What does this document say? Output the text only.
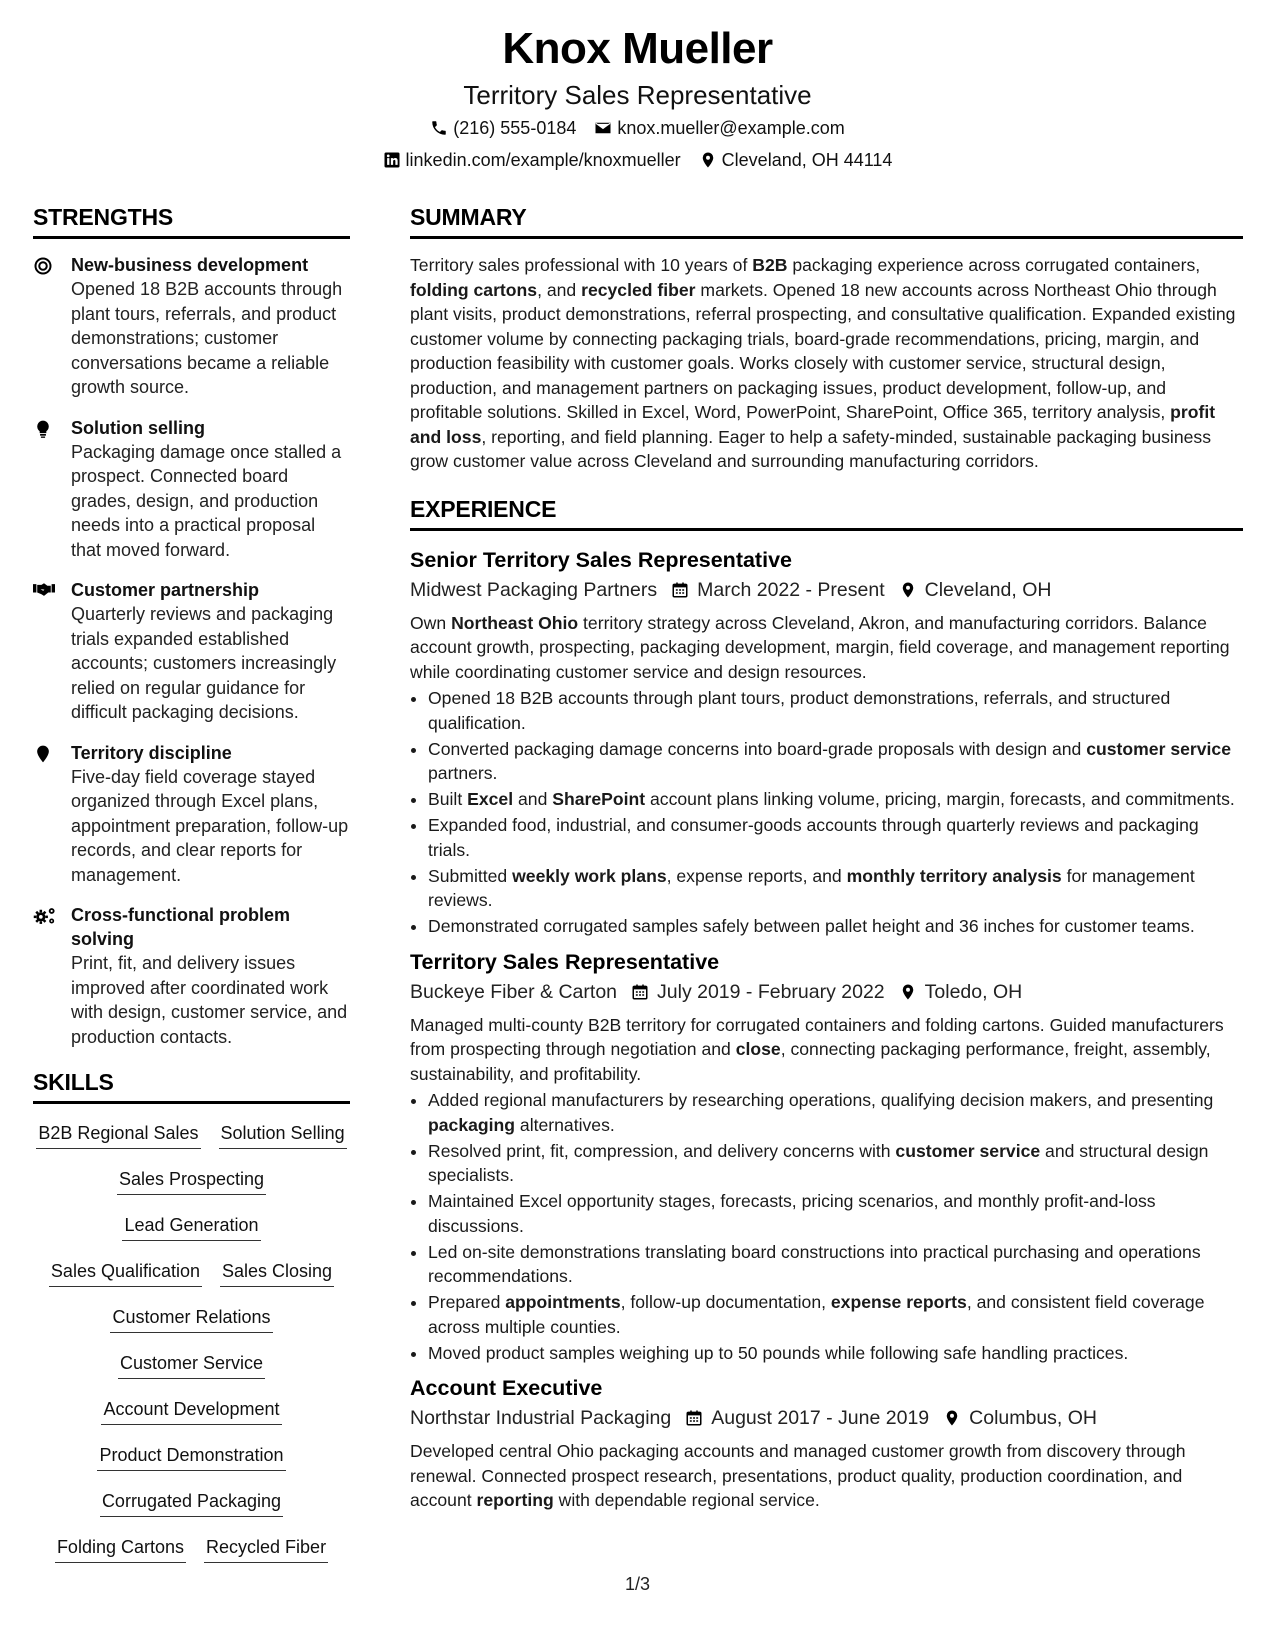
Knox Mueller
Territory Sales Representative
(216) 555-0184 knox.mueller@example.com
linkedin.com/example/knoxmueller Cleveland, OH 44114
STRENGTHS
New-business development
Opened 18 B2B accounts through plant tours, referrals, and product demonstrations; customer conversations became a reliable growth source.
Solution selling
Packaging damage once stalled a prospect. Connected board grades, design, and production needs into a practical proposal that moved forward.
Customer partnership
Quarterly reviews and packaging trials expanded established accounts; customers increasingly relied on regular guidance for difficult packaging decisions.
Territory discipline
Five-day field coverage stayed organized through Excel plans, appointment preparation, follow-up records, and clear reports for management.
Cross-functional problem solving
Print, fit, and delivery issues improved after coordinated work with design, customer service, and production contacts.
SKILLS
B2B Regional Sales Solution Selling
Sales Prospecting
Lead Generation
Sales Qualification Sales Closing
Customer Relations
Customer Service
Account Development
Product Demonstration
Corrugated Packaging
Folding Cartons Recycled Fiber
SUMMARY
Territory sales professional with 10 years of B2B packaging experience across corrugated containers, folding cartons, and recycled fiber markets. Opened 18 new accounts across Northeast Ohio through plant visits, product demonstrations, referral prospecting, and consultative qualification. Expanded existing customer volume by connecting packaging trials, board-grade recommendations, pricing, margin, and production feasibility with customer goals. Works closely with customer service, structural design, production, and management partners on packaging issues, product development, follow-up, and profitable solutions. Skilled in Excel, Word, PowerPoint, SharePoint, Office 365, territory analysis, profit and loss, reporting, and field planning. Eager to help a safety-minded, sustainable packaging business grow customer value across Cleveland and surrounding manufacturing corridors.
EXPERIENCE
Senior Territory Sales Representative
Midwest Packaging Partners March 2022 - Present Cleveland, OH
Own Northeast Ohio territory strategy across Cleveland, Akron, and manufacturing corridors. Balance account growth, prospecting, packaging development, margin, field coverage, and management reporting while coordinating customer service and design resources.
• Opened 18 B2B accounts through plant tours, product demonstrations, referrals, and structured qualification.
• Converted packaging damage concerns into board-grade proposals with design and customer service partners.
• Built Excel and SharePoint account plans linking volume, pricing, margin, forecasts, and commitments.
• Expanded food, industrial, and consumer-goods accounts through quarterly reviews and packaging trials.
• Submitted weekly work plans, expense reports, and monthly territory analysis for management reviews.
• Demonstrated corrugated samples safely between pallet height and 36 inches for customer teams.
Territory Sales Representative
Buckeye Fiber & Carton July 2019 - February 2022 Toledo, OH
Managed multi-county B2B territory for corrugated containers and folding cartons. Guided manufacturers from prospecting through negotiation and close, connecting packaging performance, freight, assembly, sustainability, and profitability.
• Added regional manufacturers by researching operations, qualifying decision makers, and presenting packaging alternatives.
• Resolved print, fit, compression, and delivery concerns with customer service and structural design specialists.
• Maintained Excel opportunity stages, forecasts, pricing scenarios, and monthly profit-and-loss discussions.
• Led on-site demonstrations translating board constructions into practical purchasing and operations recommendations.
• Prepared appointments, follow-up documentation, expense reports, and consistent field coverage across multiple counties.
• Moved product samples weighing up to 50 pounds while following safe handling practices.
Account Executive
Northstar Industrial Packaging August 2017 - June 2019 Columbus, OH
Developed central Ohio packaging accounts and managed customer growth from discovery through renewal. Connected prospect research, presentations, product quality, production coordination, and account reporting with dependable regional service.
1/3
